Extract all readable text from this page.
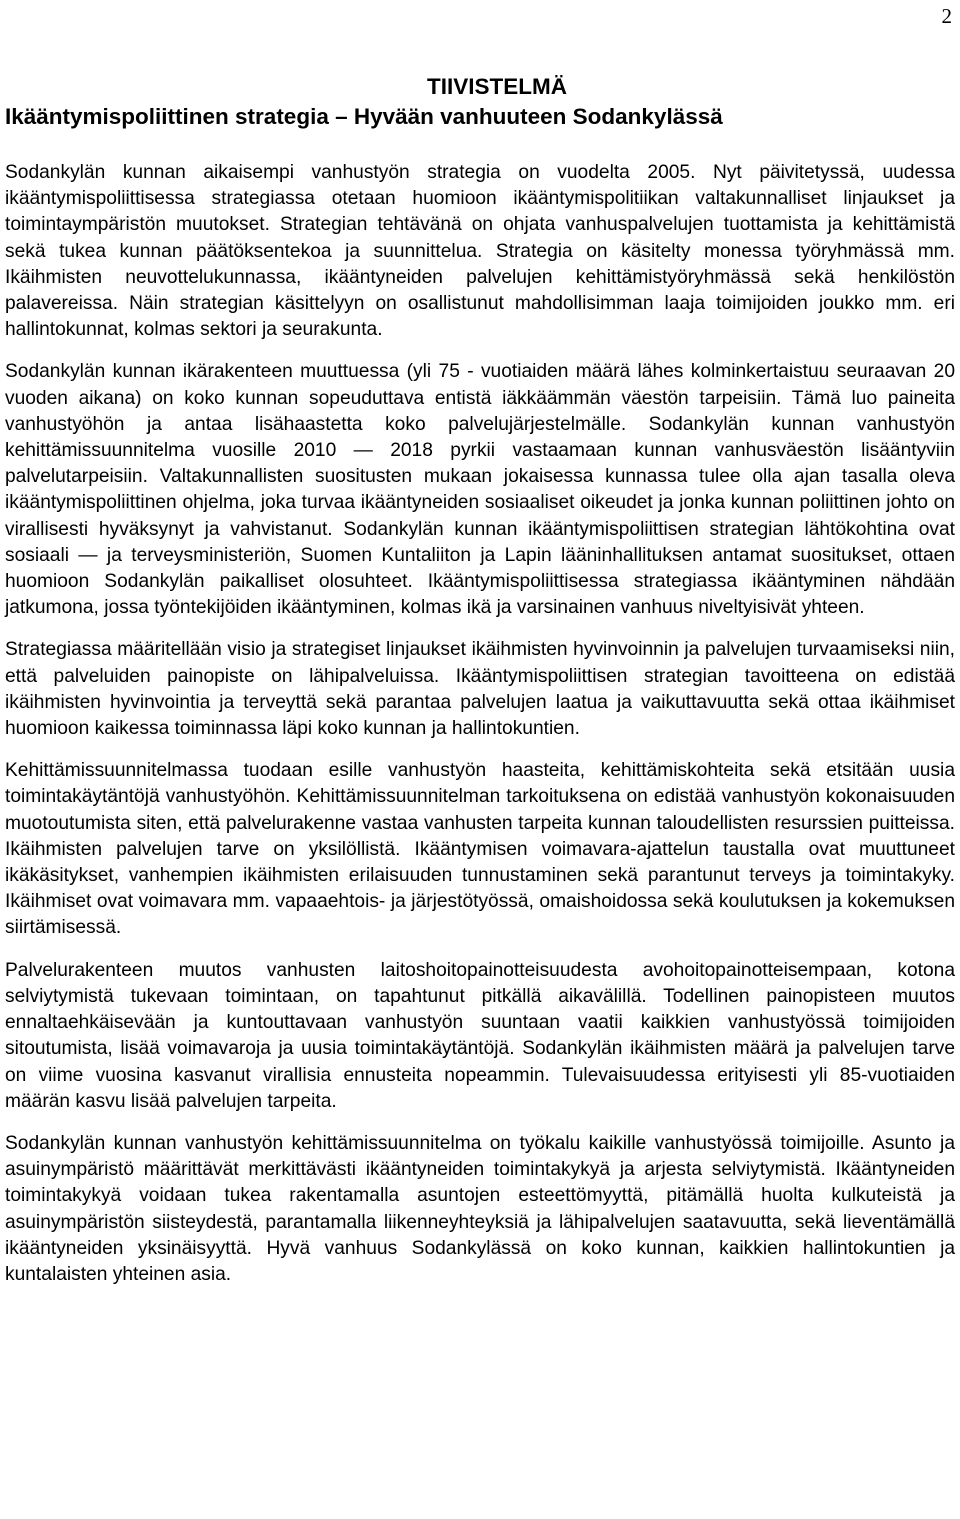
2
TIIVISTELMÄ
Ikääntymispoliittinen strategia – Hyvään vanhuuteen Sodankylässä

Sodankylän kunnan aikaisempi vanhustyön strategia on vuodelta 2005. Nyt päivitetyssä, uudessa ikääntymispoliittisessa strategiassa otetaan huomioon ikääntymispolitiikan valtakunnalliset linjaukset ja toimintaympäristön muutokset. Strategian tehtävänä on ohjata vanhuspalvelujen tuottamista ja kehittämistä sekä tukea kunnan päätöksentekoa ja suunnittelua. Strategia on käsitelty monessa työryhmässä mm. Ikäihmisten neuvottelukunnassa, ikääntyneiden palvelujen kehittämistyöryhmässä sekä henkilöstön palavereissa. Näin strategian käsittelyyn on osallistunut mahdollisimman laaja toimijoiden joukko mm. eri hallintokunnat, kolmas sektori ja seurakunta.

Sodankylän kunnan ikärakenteen muuttuessa (yli 75 - vuotiaiden määrä lähes kolminkertaistuu seuraavan 20 vuoden aikana) on koko kunnan sopeuduttava entistä iäkkäämmän väestön tarpeisiin. Tämä luo paineita vanhustyöhön ja antaa lisähaastetta koko palvelujärjestelmälle. Sodankylän kunnan vanhustyön kehittämissuunnitelma vuosille 2010 — 2018 pyrkii vastaamaan kunnan vanhusväestön lisääntyviin palvelutarpeisiin. Valtakunnallisten suositusten mukaan jokaisessa kunnassa tulee olla ajan tasalla oleva ikääntymispoliittinen ohjelma, joka turvaa ikääntyneiden sosiaaliset oikeudet ja jonka kunnan poliittinen johto on virallisesti hyväksynyt ja vahvistanut. Sodankylän kunnan ikääntymispoliittisen strategian lähtökohtina ovat sosiaali — ja terveysministeriön, Suomen Kuntaliiton ja Lapin lääninhallituksen antamat suositukset, ottaen huomioon Sodankylän paikalliset olosuhteet. Ikääntymispoliittisessa strategiassa ikääntyminen nähdään jatkumona, jossa työntekijöiden ikääntyminen, kolmas ikä ja varsinainen vanhuus niveltyisivät yhteen.

Strategiassa määritellään visio ja strategiset linjaukset ikäihmisten hyvinvoinnin ja palvelujen turvaamiseksi niin, että palveluiden painopiste on lähipalveluissa. Ikääntymispoliittisen strategian tavoitteena on edistää ikäihmisten hyvinvointia ja terveyttä sekä parantaa palvelujen laatua ja vaikuttavuutta sekä ottaa ikäihmiset huomioon kaikessa toiminnassa läpi koko kunnan ja hallintokuntien.

Kehittämissuunnitelmassa tuodaan esille vanhustyön haasteita, kehittämiskohteita sekä etsitään uusia toimintakäytäntöjä vanhustyöhön. Kehittämissuunnitelman tarkoituksena on edistää vanhustyön kokonaisuuden muotoutumista siten, että palvelurakenne vastaa vanhusten tarpeita kunnan taloudellisten resurssien puitteissa. Ikäihmisten palvelujen tarve on yksilöllistä. Ikääntymisen voimavara-ajattelun taustalla ovat muuttuneet ikäkäsitykset, vanhempien ikäihmisten erilaisuuden tunnustaminen sekä parantunut terveys ja toimintakyky. Ikäihmiset ovat voimavara mm. vapaaehtois- ja järjestötyössä, omaishoidossa sekä koulutuksen ja kokemuksen siirtämisessä.

Palvelurakenteen muutos vanhusten laitoshoitopainotteisuudesta avohoitopainotteisempaan, kotona selviytymistä tukevaan toimintaan, on tapahtunut pitkällä aikavälillä. Todellinen painopisteen muutos ennaltaehkäisevään ja kuntouttavaan vanhustyön suuntaan vaatii kaikkien vanhustyössä toimijoiden sitoutumista, lisää voimavaroja ja uusia toimintakäytäntöjä. Sodankylän ikäihmisten määrä ja palvelujen tarve on viime vuosina kasvanut virallisia ennusteita nopeammin. Tulevaisuudessa erityisesti yli 85-vuotiaiden määrän kasvu lisää palvelujen tarpeita.

Sodankylän kunnan vanhustyön kehittämissuunnitelma on työkalu kaikille vanhustyössä toimijoille. Asunto ja asuinympäristö määrittävät merkittävästi ikääntyneiden toimintakykyä ja arjesta selviytymistä. Ikääntyneiden toimintakykyä voidaan tukea rakentamalla asuntojen esteettömyyttä, pitämällä huolta kulkuteistä ja asuinympäristön siisteydestä, parantamalla liikenneyhteyksiä ja lähipalvelujen saatavuutta, sekä lieventämällä ikääntyneiden yksinäisyyttä. Hyvä vanhuus Sodankylässä on koko kunnan, kaikkien hallintokuntien ja kuntalaisten yhteinen asia.
